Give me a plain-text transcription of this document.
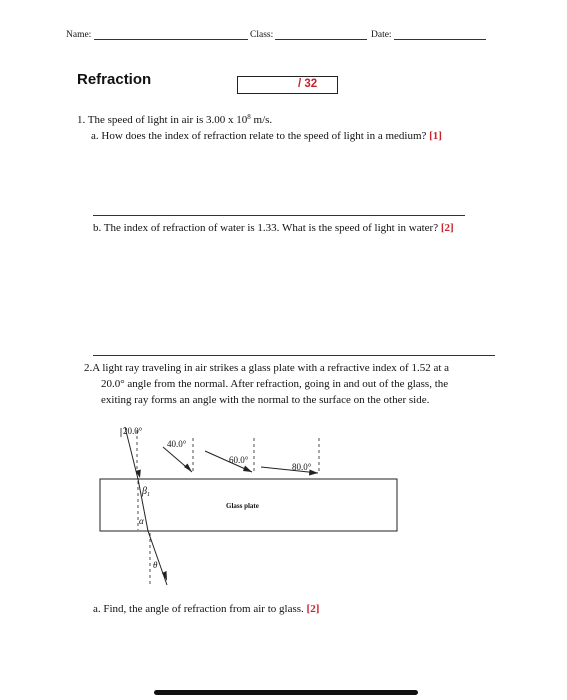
Name:	Class:	Date:
Refraction	/ 32
1. The speed of light in air is 3.00 x $10^8$ m/s.
a. How does the index of refraction relate to the speed of light in a medium? [1]
b. The index of refraction of water is 1.33. What is the speed of light in water? [2]
2.A light ray traveling in air strikes a glass plate with a refractive index of 1.52 at a
20.0° angle from the normal. After refraction, going in and out of the glass, the
exiting ray forms an angle with the normal to the surface on the other side.
20.0°
40.0°
60.0°
80.0°
$\beta_1$
α
θ
Glass plate
a. Find, the angle of refraction from air to glass. [2]
